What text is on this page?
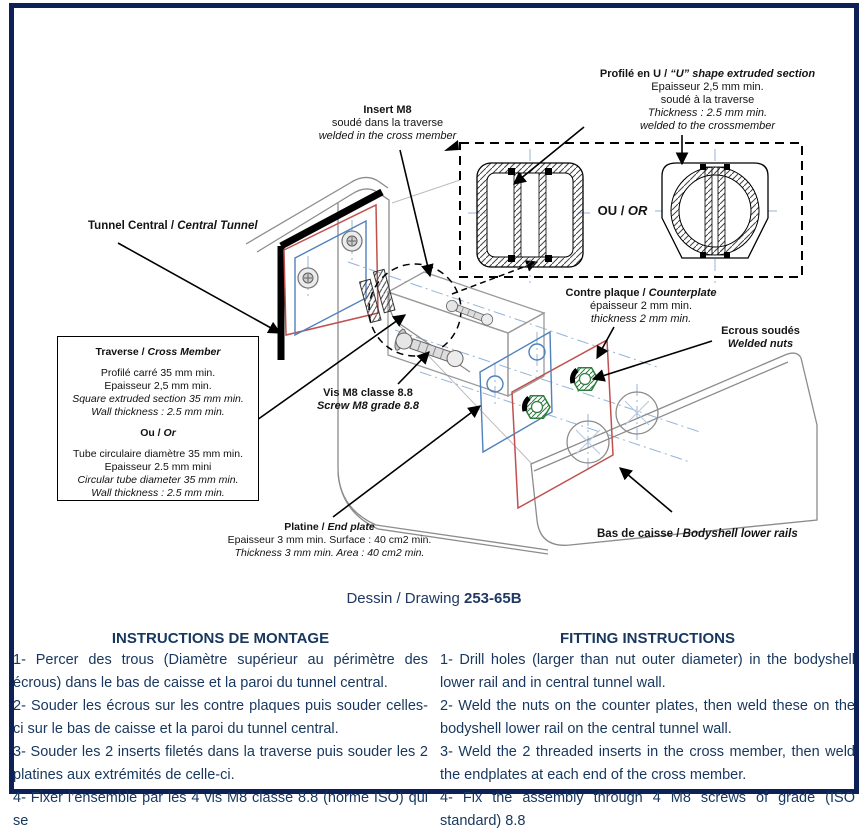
Insert M8
soudé dans la traverse
welded in the cross member
Profilé en U / “U” shape extruded section
Epaisseur 2,5 mm min.
soudé à la traverse
Thickness : 2.5 mm min.
welded to the crossmember
OU / OR
Tunnel Central / Central Tunnel
Traverse / Cross Member
Profilé carré 35 mm min.
Epaisseur 2,5 mm min.
Square extruded section 35 mm min.
Wall thickness : 2.5 mm min.
Ou / Or
Tube circulaire diamètre 35 mm min.
Epaisseur 2.5 mm mini
Circular tube diameter 35 mm min.
Wall thickness : 2.5 mm min.
Vis M8 classe 8.8
Screw M8 grade 8.8
Contre plaque / Counterplate
épaisseur 2 mm min.
thickness 2 mm min.
Ecrous soudés
Welded nuts
Platine / End plate
Epaisseur 3 mm min. Surface : 40 cm2 min.
Thickness 3 mm min. Area : 40 cm2 min.
Bas de caisse / Bodyshell lower rails
Dessin / Drawing 253-65B
INSTRUCTIONS DE MONTAGE

1- Percer des trous (Diamètre supérieur au périmètre des écrous) dans le bas de caisse et la paroi du tunnel central.

2- Souder les écrous sur les contre plaques puis souder celles-ci sur le bas de caisse et la paroi du tunnel central.

3- Souder les 2 inserts filetés dans la traverse puis souder les 2 platines aux extrémités de celle-ci.

4- Fixer l’ensemble par les 4 vis M8 classe 8.8 (norme ISO) qui se

FITTING INSTRUCTIONS

1- Drill holes (larger than nut outer diameter) in the bodyshell lower rail and in central tunnel wall.

2- Weld the nuts on the counter plates, then weld these on the bodyshell lower rail on the central tunnel wall.

3- Weld the 2 threaded inserts in the cross member, then weld the endplates at each end of the cross member.

4- Fix the assembly through 4 M8 screws of grade (ISO standard) 8.8
